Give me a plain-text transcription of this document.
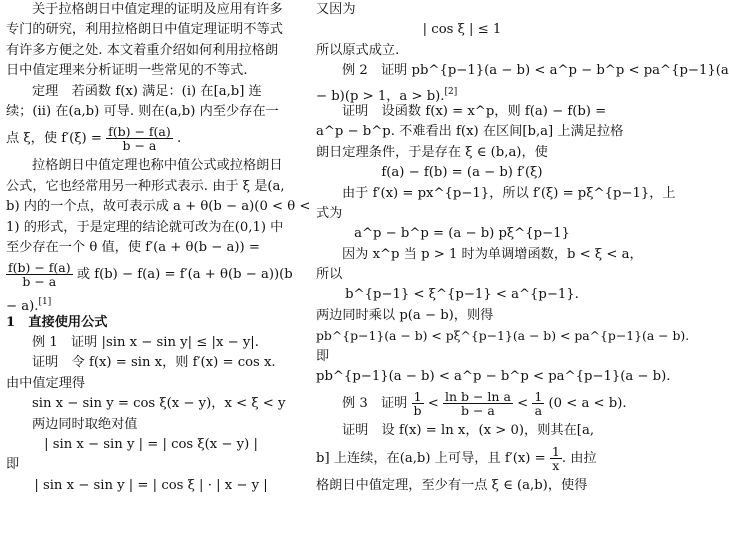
关于拉格朗日中值定理的证明及应用有许多
专门的研究，利用拉格朗日中值定理证明不等式
有许多方便之处. 本文着重介绍如何利用拉格朗
日中值定理来分析证明一些常见的不等式.
定理　若函数 f(x) 满足：(ⅰ) 在[a,b] 连
续；(ⅱ) 在(a,b) 可导. 则在(a,b) 内至少存在一
点 ξ，使 $f'(\xi) = \frac{f(b) - f(a)}{b - a}$ .
拉格朗日中值定理也称中值公式或拉格朗日
公式，它也经常用另一种形式表示. 由于 ξ 是(a,
b) 内的一个点，故可表示成 a + θ(b − a)(0 < θ <
1) 的形式，于是定理的结论就可改为在(0,1) 中
至少存在一个 θ 值，使 f′(a + θ(b − a)) =
$\frac{f(b) - f(a)}{b - a}$ 或 f(b) − f(a) = f′(a + θ(b − a))(b
− a).[1]
1　直接使用公式
例 1　证明 |sin x − sin y| ≤ |x − y|.
证明　令 f(x) = sin x，则 f′(x) = cos x.
由中值定理得
sin x − sin y = cos ξ(x − y)，x < ξ < y
两边同时取绝对值
| sin x − sin y | = | cos ξ(x − y) |
即
| sin x − sin y | = | cos ξ | · | x − y |
又因为
| cos ξ | ≤ 1
所以原式成立.
例 2　证明 pb^{p−1}(a − b) < a^p − b^p < pa^{p−1}(a
− b)(p > 1，a > b).[2]
证明　设函数 f(x) = x^p，则 f(a) − f(b) =
a^p − b^p. 不难看出 f(x) 在区间[b,a] 上满足拉格
朗日定理条件，于是存在 ξ ∈ (b,a)，使
f(a) − f(b) = (a − b) f′(ξ)
由于 f′(x) = px^{p−1}，所以 f′(ξ) = pξ^{p−1}，上
式为
a^p − b^p = (a − b) pξ^{p−1}
因为 x^p 当 p > 1 时为单调增函数，b < ξ < a，
所以
b^{p−1} < ξ^{p−1} < a^{p−1}.
两边同时乘以 p(a − b)，则得
pb^{p−1}(a − b) < pξ^{p−1}(a − b) < pa^{p−1}(a − b).
即
pb^{p−1}(a − b) < a^p − b^p < pa^{p−1}(a − b).
例 3　证明 $\frac{1}{b} < \frac{\text{ln b − ln a}}{b - a} < \frac{1}{a} (0 < a < b)$.
证明　设 f(x) = ln x，(x > 0)，则其在[a,
b] 上连续，在(a,b) 上可导，且 $f'(x) = \frac{1}{x}$ . 由拉
格朗日中值定理，至少有一点 ξ ∈ (a,b)，使得
